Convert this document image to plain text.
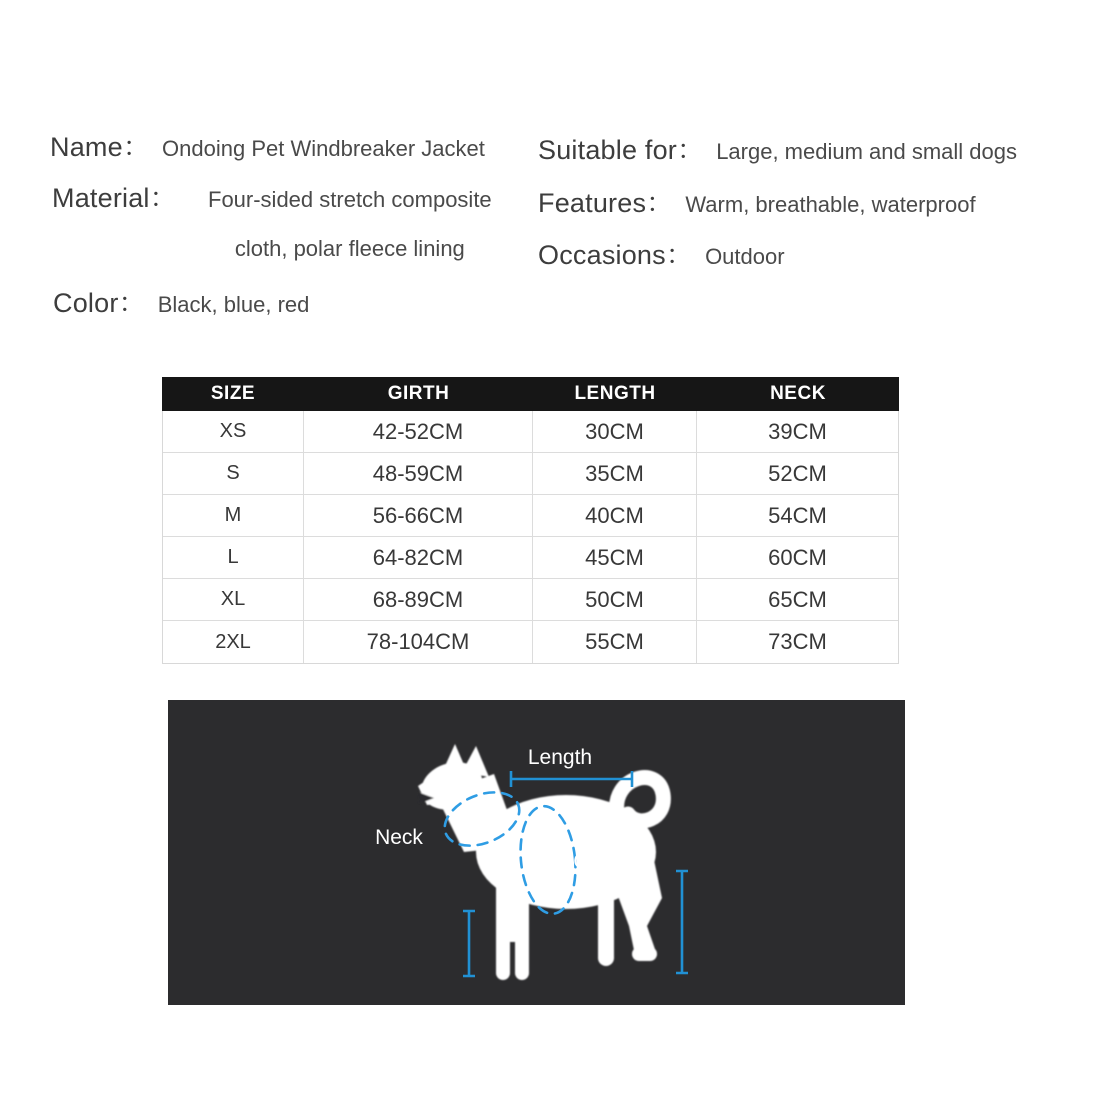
Name： Ondoing Pet Windbreaker Jacket
Material：	Four-sided stretch composite cloth, polar fleece lining
Color： Black, blue, red
Suitable for： Large, medium and small dogs
Features： Warm, breathable, waterproof
Occasions： Outdoor
SIZE	GIRTH	LENGTH	NECK
XS	42-52CM	30CM	39CM
S	48-59CM	35CM	52CM
M	56-66CM	40CM	54CM
L	64-82CM	45CM	60CM
XL	68-89CM	50CM	65CM
2XL	78-104CM	55CM	73CM
Length
Neck
Girth
